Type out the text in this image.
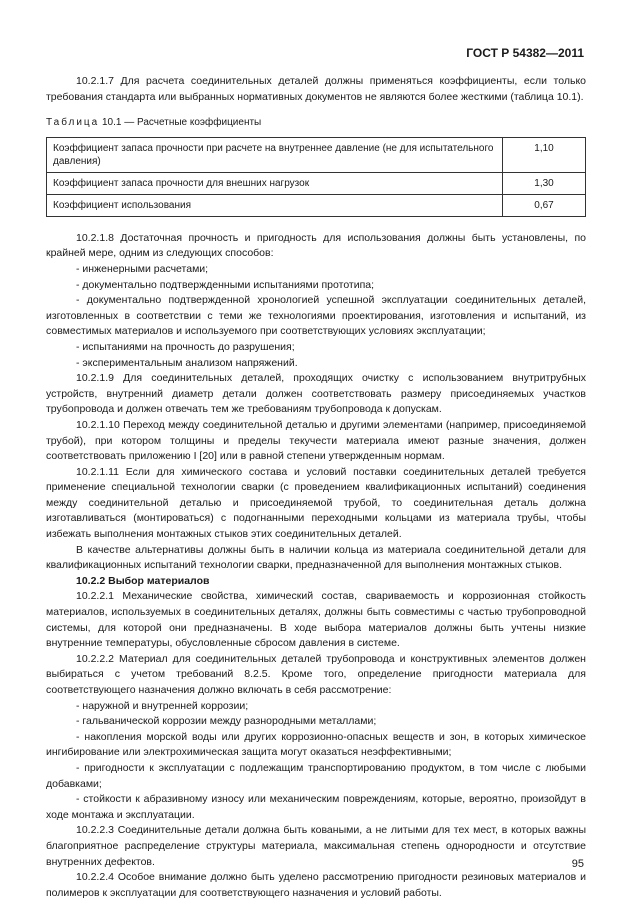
ГОСТ Р 54382—2011

10.2.1.7 Для расчета соединительных деталей должны применяться коэффициенты, если только требования стандарта или выбранных нормативных документов не являются более жесткими (таблица 10.1).

Таблица 10.1 — Расчетные коэффициенты
Коэффициент запаса прочности при расчете на внутреннее давление (не для испытательного давления)	1,10
Коэффициент запаса прочности для внешних нагрузок	1,30
Коэффициент использования	0,67

10.2.1.8 Достаточная прочность и пригодность для использования должны быть установлены, по крайней мере, одним из следующих способов:

- инженерными расчетами;

- документально подтвержденными испытаниями прототипа;

- документально подтвержденной хронологией успешной эксплуатации соединительных деталей, изготовленных в соответствии с теми же технологиями проектирования, изготовления и испытаний, из совместимых материалов и используемого при соответствующих условиях эксплуатации;

- испытаниями на прочность до разрушения;

- экспериментальным анализом напряжений.

10.2.1.9 Для соединительных деталей, проходящих очистку с использованием внутритрубных устройств, внутренний диаметр детали должен соответствовать размеру присоединяемых участков трубопровода и должен отвечать тем же требованиям трубопровода к допускам.

10.2.1.10 Переход между соединительной деталью и другими элементами (например, присоединяемой трубой), при котором толщины и пределы текучести материала имеют разные значения, должен соответствовать приложению I [20] или в равной степени утвержденным нормам.

10.2.1.11 Если для химического состава и условий поставки соединительных деталей требуется применение специальной технологии сварки (с проведением квалификационных испытаний) соединения между соединительной деталью и присоединяемой трубой, то соединительная деталь должна изготавливаться (монтироваться) с подогнанными переходными кольцами из материала трубы, чтобы избежать выполнения монтажных стыков этих соединительных деталей.

В качестве альтернативы должны быть в наличии кольца из материала соединительной детали для квалификационных испытаний технологии сварки, предназначенной для выполнения монтажных стыков.

10.2.2 Выбор материалов

10.2.2.1 Механические свойства, химический состав, свариваемость и коррозионная стойкость материалов, используемых в соединительных деталях, должны быть совместимы с частью трубопроводной системы, для которой они предназначены. В ходе выбора материалов должны быть учтены низкие внутренние температуры, обусловленные сбросом давления в системе.

10.2.2.2 Материал для соединительных деталей трубопровода и конструктивных элементов должен выбираться с учетом требований 8.2.5. Кроме того, определение пригодности материала для соответствующего назначения должно включать в себя рассмотрение:

- наружной и внутренней коррозии;

- гальванической коррозии между разнородными металлами;

- накопления морской воды или других коррозионно-опасных веществ и зон, в которых химическое ингибирование или электрохимическая защита могут оказаться неэффективными;

- пригодности к эксплуатации с подлежащим транспортированию продуктом, в том числе с любыми добавками;

- стойкости к абразивному износу или механическим повреждениям, которые, вероятно, произойдут в ходе монтажа и эксплуатации.

10.2.2.3 Соединительные детали должна быть коваными, а не литыми для тех мест, в которых важны благоприятное распределение структуры материала, максимальная степень однородности и отсутствие внутренних дефектов.

10.2.2.4 Особое внимание должно быть уделено рассмотрению пригодности резиновых материалов и полимеров к эксплуатации для соответствующего назначения и условий работы.

95
